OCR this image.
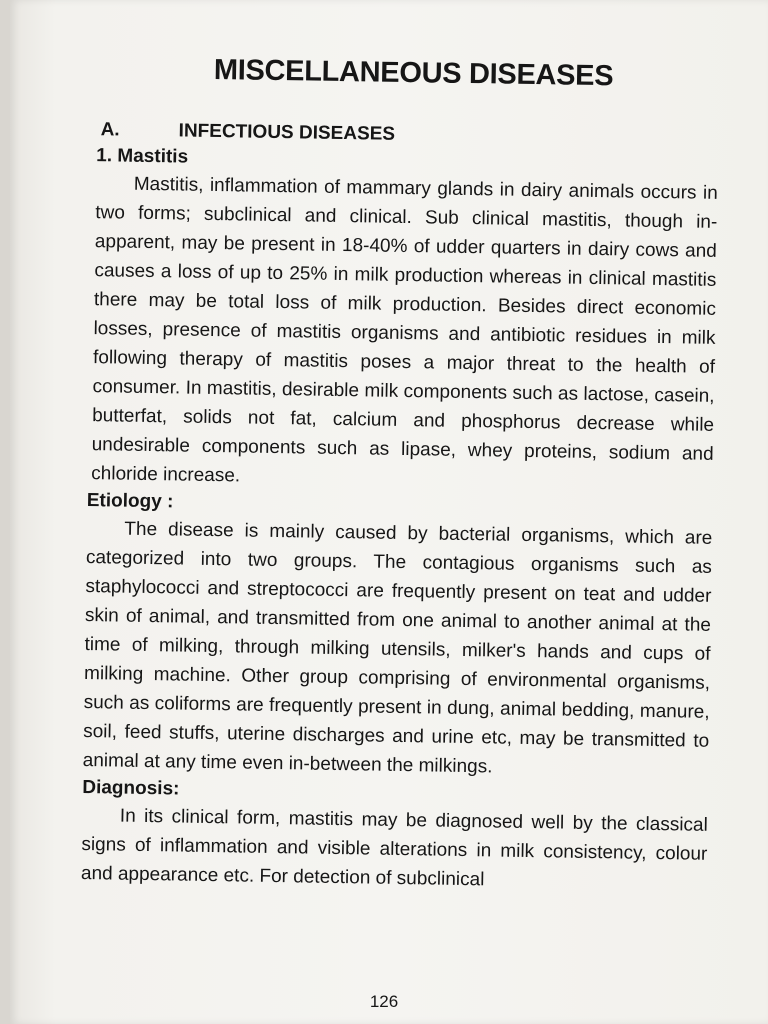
MISCELLANEOUS DISEASES
A.	INFECTIOUS DISEASES
1. Mastitis

Mastitis, inflammation of mammary glands in dairy animals occurs in two forms; subclinical and clinical. Sub clinical mastitis, though in-apparent, may be present in 18-40% of udder quarters in dairy cows and causes a loss of up to 25% in milk production whereas in clinical mastitis there may be total loss of milk production. Besides direct economic losses, presence of mastitis organisms and antibiotic residues in milk following therapy of mastitis poses a major threat to the health of consumer. In mastitis, desirable milk components such as lactose, casein, butterfat, solids not fat, calcium and phosphorus decrease while undesirable components such as lipase, whey proteins, sodium and chloride increase.

Etiology :

The disease is mainly caused by bacterial organisms, which are categorized into two groups. The contagious organisms such as staphylococci and streptococci are frequently present on teat and udder skin of animal, and transmitted from one animal to another animal at the time of milking, through milking utensils, milker's hands and cups of milking machine. Other group comprising of environmental organisms, such as coliforms are frequently present in dung, animal bedding, manure, soil, feed stuffs, uterine discharges and urine etc, may be transmitted to animal at any time even in-between the milkings.

Diagnosis:

In its clinical form, mastitis may be diagnosed well by the classical signs of inflammation and visible alterations in milk consistency, colour and appearance etc. For detection of subclinical

126
